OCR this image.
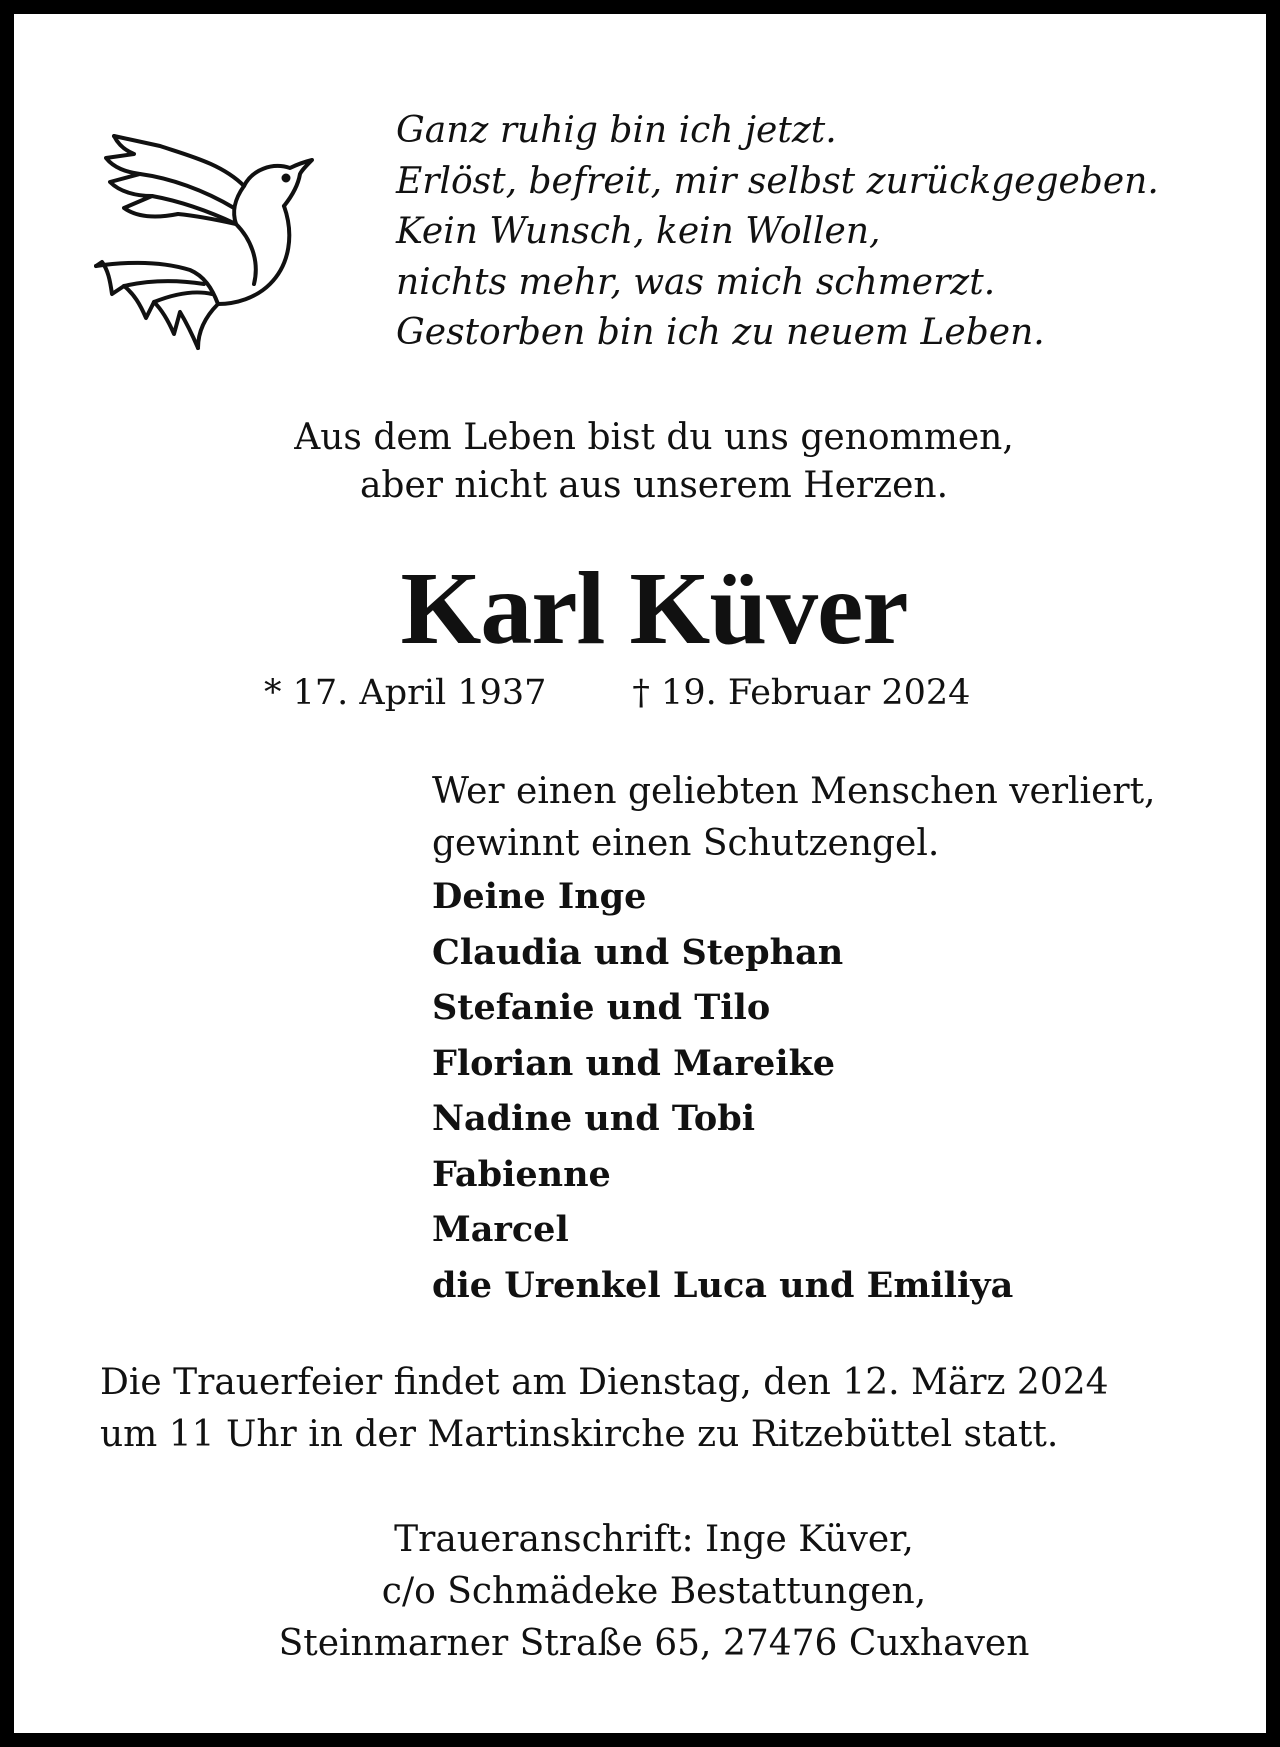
Ganz ruhig bin ich jetzt.
Erlöst, befreit, mir selbst zurückgegeben.
Kein Wunsch, kein Wollen,
nichts mehr, was mich schmerzt.
Gestorben bin ich zu neuem Leben.
Aus dem Leben bist du uns genommen,
aber nicht aus unserem Herzen.
Karl Küver
* 17. April 1937 † 19. Februar 2024
Wer einen geliebten Menschen verliert,
gewinnt einen Schutzengel.
Deine Inge
Claudia und Stephan
Stefanie und Tilo
Florian und Mareike
Nadine und Tobi
Fabienne
Marcel
die Urenkel Luca und Emiliya
Die Trauerfeier findet am Dienstag, den 12. März 2024
um 11 Uhr in der Martinskirche zu Ritzebüttel statt.
Traueranschrift: Inge Küver,
c/o Schmädeke Bestattungen,
Steinmarner Straße 65, 27476 Cuxhaven
